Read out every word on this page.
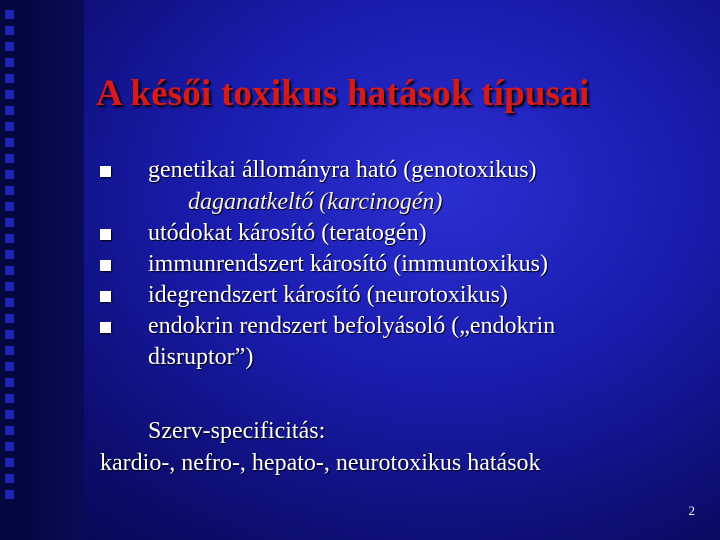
A késői toxikus hatások típusai
genetikai állományra ható (genotoxikus)
daganatkeltő (karcinogén)
utódokat károsító (teratogén)
immunrendszert károsító (immuntoxikus)
idegrendszert károsító (neurotoxikus)
endokrin rendszert befolyásoló („endokrin
disruptor”)

Szerv-specificitás:

kardio-, nefro-, hepato-, neurotoxikus hatások

2
